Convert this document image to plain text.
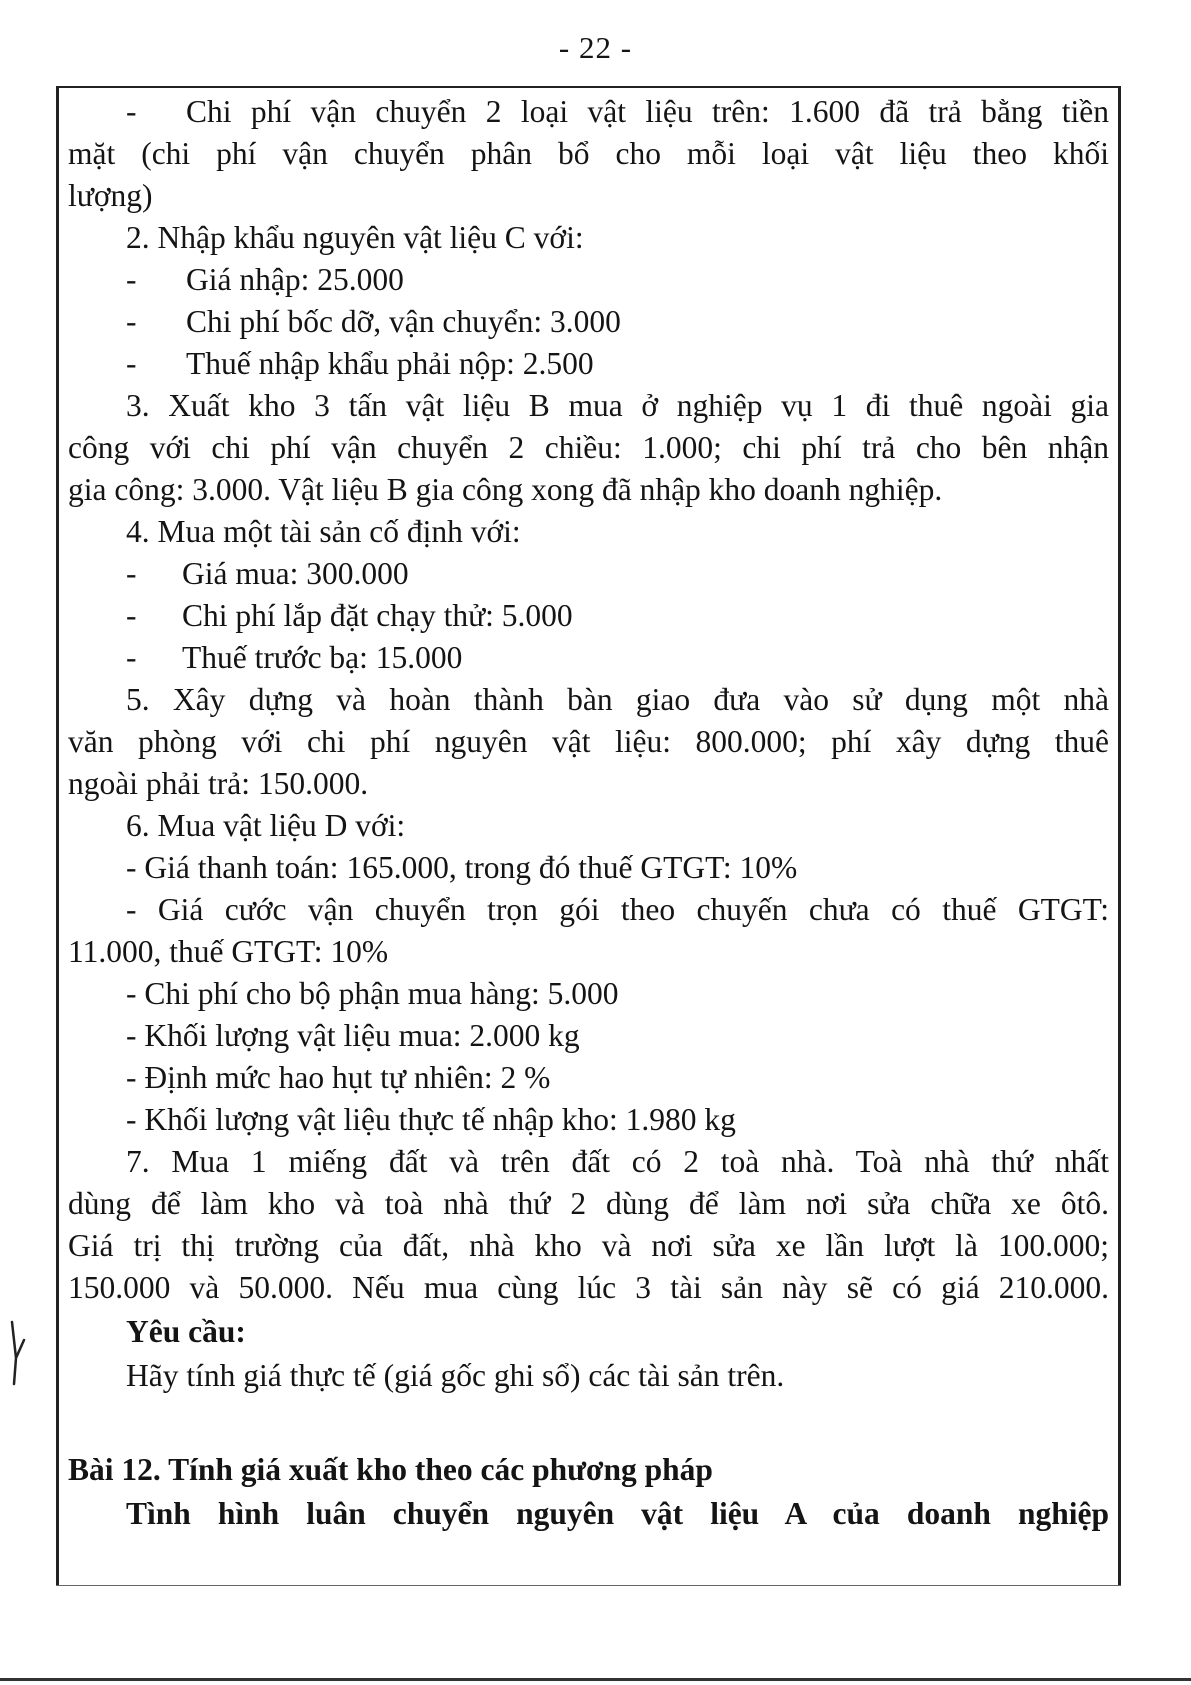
- 22 -
- Chi phí vận chuyển 2 loại vật liệu trên: 1.600 đã trả bằng tiền
mặt (chi phí vận chuyển phân bổ cho mỗi loại vật liệu theo khối
lượng)
2. Nhập khẩu nguyên vật liệu C với:
- Giá nhập: 25.000
- Chi phí bốc dỡ, vận chuyển: 3.000
- Thuế nhập khẩu phải nộp: 2.500
3. Xuất kho 3 tấn vật liệu B mua ở nghiệp vụ 1 đi thuê ngoài gia
công với chi phí vận chuyển 2 chiều: 1.000; chi phí trả cho bên nhận
gia công: 3.000. Vật liệu B gia công xong đã nhập kho doanh nghiệp.
4. Mua một tài sản cố định với:
- Giá mua: 300.000
- Chi phí lắp đặt chạy thử: 5.000
- Thuế trước bạ: 15.000
5. Xây dựng và hoàn thành bàn giao đưa vào sử dụng một nhà
văn phòng với chi phí nguyên vật liệu: 800.000; phí xây dựng thuê
ngoài phải trả: 150.000.
6. Mua vật liệu D với:
- Giá thanh toán: 165.000, trong đó thuế GTGT: 10%
- Giá cước vận chuyển trọn gói theo chuyến chưa có thuế GTGT:
11.000, thuế GTGT: 10%
- Chi phí cho bộ phận mua hàng: 5.000
- Khối lượng vật liệu mua: 2.000 kg
- Định mức hao hụt tự nhiên: 2 %
- Khối lượng vật liệu thực tế nhập kho: 1.980 kg
7. Mua 1 miếng đất và trên đất có 2 toà nhà. Toà nhà thứ nhất
dùng để làm kho và toà nhà thứ 2 dùng để làm nơi sửa chữa xe ôtô.
Giá trị thị trường của đất, nhà kho và nơi sửa xe lần lượt là 100.000;
150.000 và 50.000. Nếu mua cùng lúc 3 tài sản này sẽ có giá 210.000.
Yêu cầu:
Hãy tính giá thực tế (giá gốc ghi sổ) các tài sản trên.
Bài 12. Tính giá xuất kho theo các phương pháp
Tình hình luân chuyển nguyên vật liệu A của doanh nghiệp
